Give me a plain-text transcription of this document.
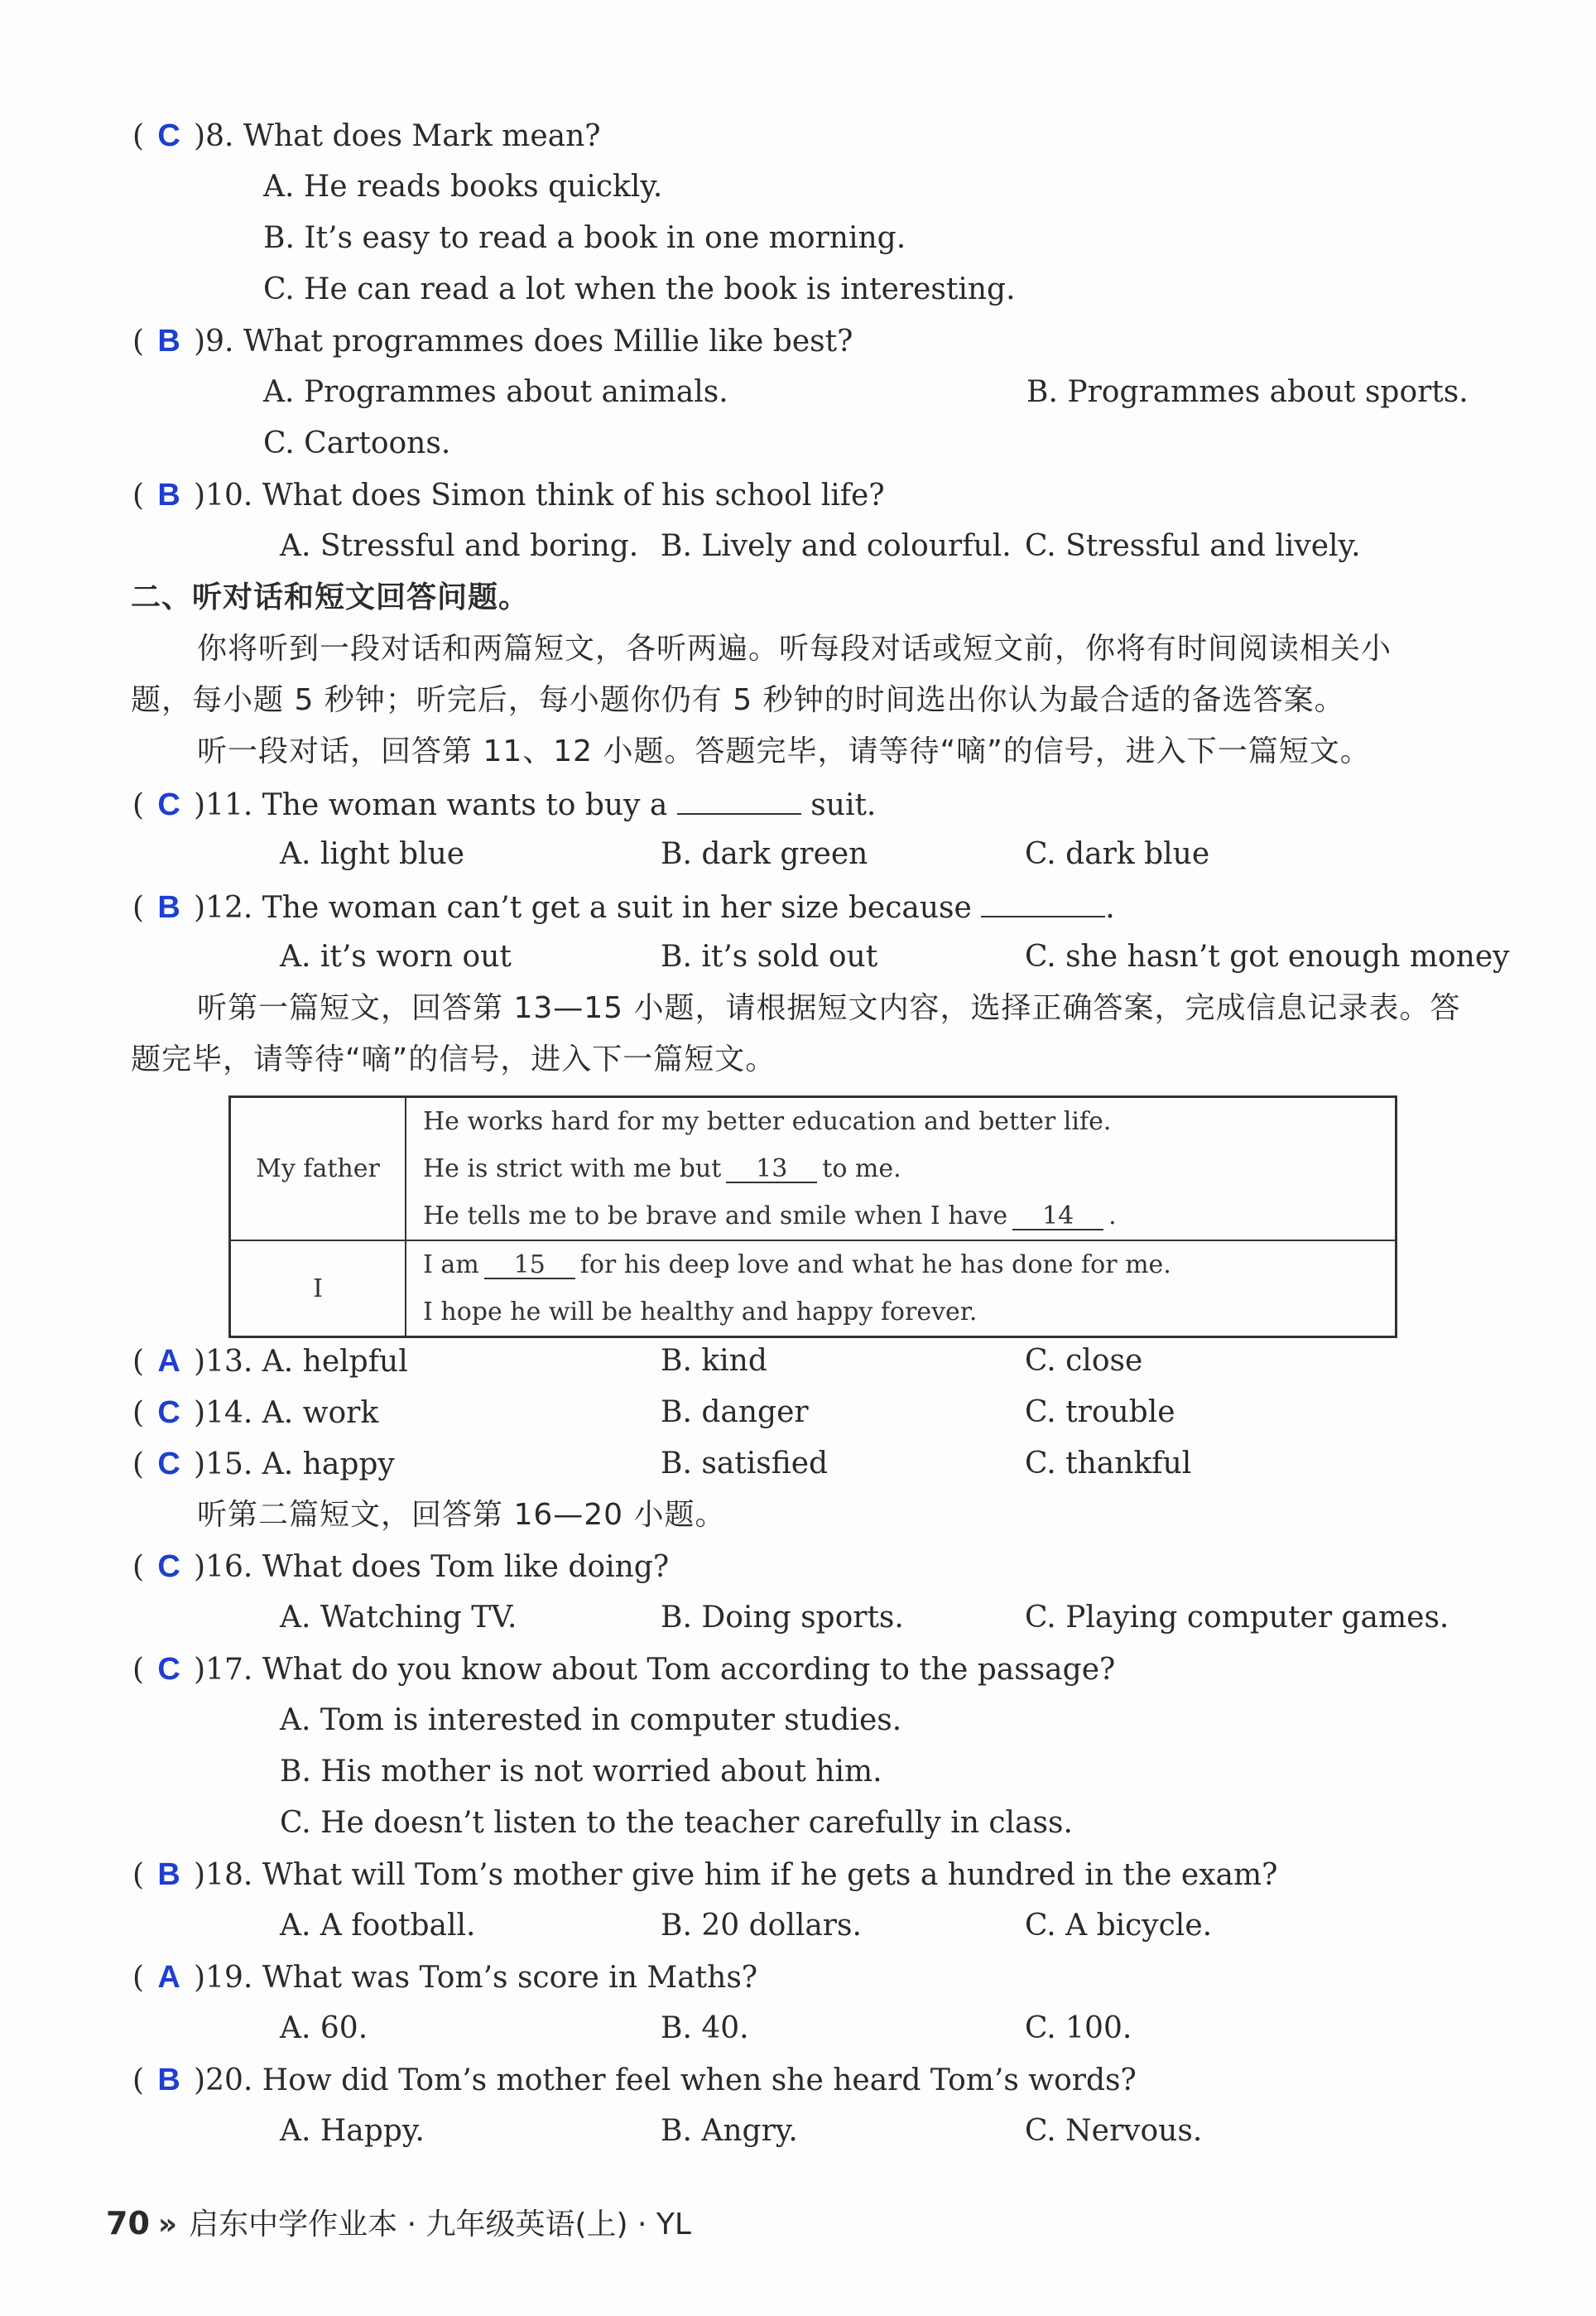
( C )8. What does Mark mean?
A. He reads books quickly.
B. It’s easy to read a book in one morning.
C. He can read a lot when the book is interesting.
( B )9. What programmes does Millie like best?
A. Programmes about animals.	B. Programmes about sports.
C. Cartoons.
( B )10. What does Simon think of his school life?
A. Stressful and boring. B. Lively and colourful. C. Stressful and lively.
二、听对话和短文回答问题。
你将听到一段对话和两篇短文，各听两遍。听每段对话或短文前，你将有时间阅读相关小
题，每小题 5 秒钟；听完后，每小题你仍有 5 秒钟的时间选出你认为最合适的备选答案。
听一段对话，回答第 11、12 小题。答题完毕，请等待“嘀”的信号，进入下一篇短文。
( C )11. The woman wants to buy a	suit.
A. light blue	B. dark green	C. dark blue
( B )12. The woman can’t get a suit in her size because	.
A. it’s worn out	B. it’s sold out	C. she hasn’t got enough money
听第一篇短文，回答第 13—15 小题，请根据短文内容，选择正确答案，完成信息记录表。答
题完毕，请等待“嘀”的信号，进入下一篇短文。
My father	He works hard for my better education and better life.
He is strict with me but 13 to me.
He tells me to be brave and smile when I have 14 .

I	I am 15 for his deep love and what he has done for me.
I hope he will be healthy and happy forever.
( A )13. A. helpful	B. kind	C. close
( C )14. A. work	B. danger	C. trouble
( C )15. A. happy	B. satisfied	C. thankful
听第二篇短文，回答第 16—20 小题。
( C )16. What does Tom like doing?
A. Watching TV.	B. Doing sports.	C. Playing computer games.
( C )17. What do you know about Tom according to the passage?
A. Tom is interested in computer studies.
B. His mother is not worried about him.
C. He doesn’t listen to the teacher carefully in class.
( B )18. What will Tom’s mother give him if he gets a hundred in the exam?
A. A football.	B. 20 dollars.	C. A bicycle.
( A )19. What was Tom’s score in Maths?
A. 60.	B. 40.	C. 100.
( B )20. How did Tom’s mother feel when she heard Tom’s words?
A. Happy.	B. Angry.	C. Nervous.
70 » 启东中学作业本 · 九年级英语(上) · YL
